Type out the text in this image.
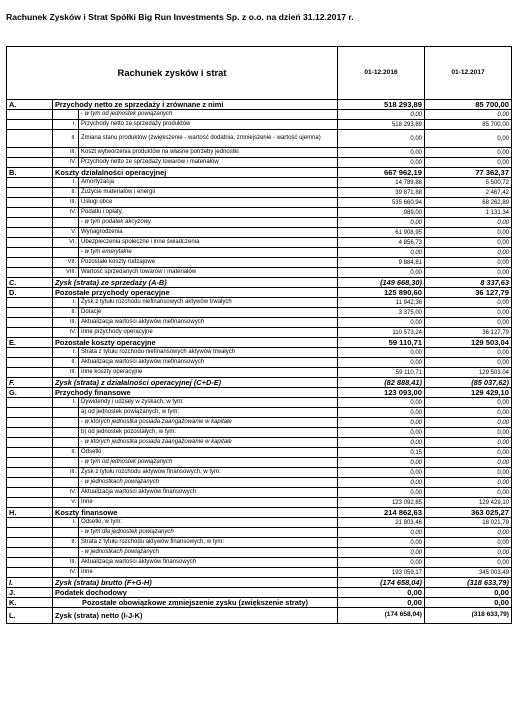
Rachunek Zysków i Strat Spółki Big Run Investments Sp. z o.o. na dzień 31.12.2017 r.
Rachunek zysków i strat		01-12.2016	01-12.2017
A.	Przychody netto ze sprzedaży i zrównane z nimi	518 293,89	85 700,00

- w tym od jednostek powiązanych	0,00	0,00

I. Przychody netto ze sprzedaży produktów	518 293,89	85 700,00

II. Zmiana stanu produktów (zwiększenie - wartość dodatnia, zmniejszenie - wartość ujemna)	0,00	0,00

III. Koszt wytworzenia produktów na własne potrzeby jednostki	0,00	0,00

IV. Przychody netto ze sprzedaży towarów i materiałów	0,00	0,00
B.	Koszty działalności operacyjnej	667 962,19	77 362,37

I. Amortyzacja	14 789,88	5 500,72

II. Zużycie materiałów i energii	39 871,88	2 467,42

III. Usługi obce	535 660,94	68 262,89

IV. Podatki i opłaty,	989,00	1 131,34

- w tym podatek akcyzowy	0,00	0,00

V. Wynagrodzenia	61 908,95	0,00

VI. Ubezpieczenia społeczne i inne świadczenia	4 856,73	0,00

- w tym emerytalne	0,00	0,00

VII. Pozostałe koszty rodzajowe	9 884,81	0,00

VIII. Wartość sprzedanych towarów i materiałów	0,00	0,00
C.	Zysk (strata) ze sprzedaży (A-B)	(149 668,30)	8 337,63
D.	Pozostałe przychody operacyjne	125 890,60	36 127,79

I. Zysk z tytułu rozchodu niefinansowych aktywów trwałych	11 942,36	0,00

II. Dotacje	3 375,00	0,00

III. Aktualizacja wartości aktywów niefinansowych	0,00	0,00

IV. Inne przychody operacyjne	110 573,24	36 127,79
E.	Pozostałe koszty operacyjne	59 110,71	129 503,04

I. Strata z tytułu rozchodu niefinansowych aktywów trwałych	0,00	0,00

II. Aktualizacja wartości aktywów niefinansowych	0,00	0,00

III. Inne koszty operacyjne	59 110,71	129 503,04
F.	Zysk (strata) z działalności operacyjnej (C+D-E)	(82 888,41)	(85 037,62)
G.	Przychody finansowe	123 093,00	129 429,10

I. Dywidendy i udziały w zyskach, w tym:	0,00	0,00

a) od jednostek powiązanych, w tym:	0,00	0,00

- w których jednostka posiada zaangażowanie w kapitale	0,00	0,00

b) od jednostek pozostałych, w tym:	0,00	0,00

- w których jednostka posiada zaangażowanie w kapitale	0,00	0,00

II. Odsetki	0,15	0,00

- w tym od jednostek powiązanych	0,00	0,00

III. Zysk z tytułu rozchodu aktywów finansowych, w tym:	0,00	0,00

- w jednostkach powiązanych	0,00	0,00

IV. Aktualizacja wartości aktywów finansowych	0,00	0,00

V. Inne	123 092,85	129 429,10
H.	Koszty finansowe	214 862,63	363 025,27

I. Odsetki, w tym:	21 803,46	18 021,78

- w tym dla jednostek powiązanych	0,00	0,00

II. Strata z tytułu rozchodu aktywów finansowych, w tym:	0,00	0,00

- w jednostkach powiązanych	0,00	0,00

III. Aktualizacja wartości aktywów finansowych	0,00	0,00

IV. Inne	193 059,17	345 003,49
I.	Zysk (strata) brutto (F+G-H)	(174 658,04)	(318 633,79)
J.	Podatek dochodowy	0,00	0,00
K.	Pozostałe obowiązkowe zmniejszenie zysku (zwiększenie straty)	0,00	0,00
L.	Zysk (strata) netto (I-J-K)	(174 658,04)	(318 633,79)
